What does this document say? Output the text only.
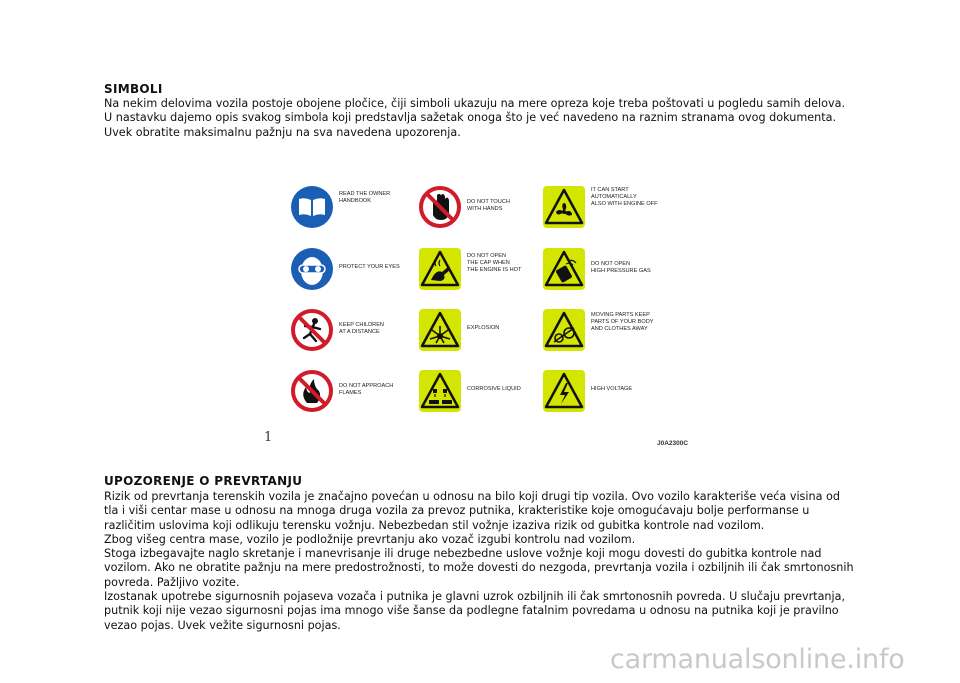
SIMBOLI

Na nekim delovima vozila postoje obojene pločice, čiji simboli ukazuju na mere opreza koje treba poštovati u pogledu samih delova. U nastavku dajemo opis svakog simbola koji predstavlja sažetak onoga što je već navedeno na raznim stranama ovog dokumenta. Uvek obratite maksimalnu pažnju na sva navedena upozorenja.

READ THE OWNER
HANDBOOK
PROTECT YOUR EYES
KEEP CHILDREN
AT A DISTANCE
DO NOT APPROACH
FLAMES
DO NOT TOUCH
WITH HANDS
DO NOT OPEN
THE CAP WHEN
THE ENGINE IS HOT
EXPLOSION
CORROSIVE LIQUID
IT CAN START
AUTOMATICALLY
ALSO WITH ENGINE OFF
DO NOT OPEN
HIGH PRESSURE GAS
MOVING PARTS KEEP
PARTS OF YOUR BODY
AND CLOTHES AWAY
HIGH VOLTAGE
1	J0A2300C
UPOZORENJE O PREVRTANJU

Rizik od prevrtanja terenskih vozila je značajno povećan u odnosu na bilo koji drugi tip vozila. Ovo vozilo karakteriše veća visina od tla i viši centar mase u odnosu na mnoga druga vozila za prevoz putnika, krakteristike koje omogućavaju bolje performanse u različitim uslovima koji odlikuju terensku vožnju. Nebezbedan stil vožnje izaziva rizik od gubitka kontrole nad vozilom.

Zbog višeg centra mase, vozilo je podložnije prevrtanju ako vozač izgubi kontrolu nad vozilom.

Stoga izbegavajte naglo skretanje i manevrisanje ili druge nebezbedne uslove vožnje koji mogu dovesti do gubitka kontrole nad vozilom. Ako ne obratite pažnju na mere predostrožnosti, to može dovesti do nezgoda, prevrtanja vozila i ozbiljnih ili čak smrtonosnih povreda. Pažljivo vozite.

Izostanak upotrebe sigurnosnih pojaseva vozača i putnika je glavni uzrok ozbiljnih ili čak smrtonosnih povreda. U slučaju prevrtanja, putnik koji nije vezao sigurnosni pojas ima mnogo više šanse da podlegne fatalnim povredama u odnosu na putnika koji je pravilno vezao pojas. Uvek vežite sigurnosni pojas.

carmanualsonline.info
